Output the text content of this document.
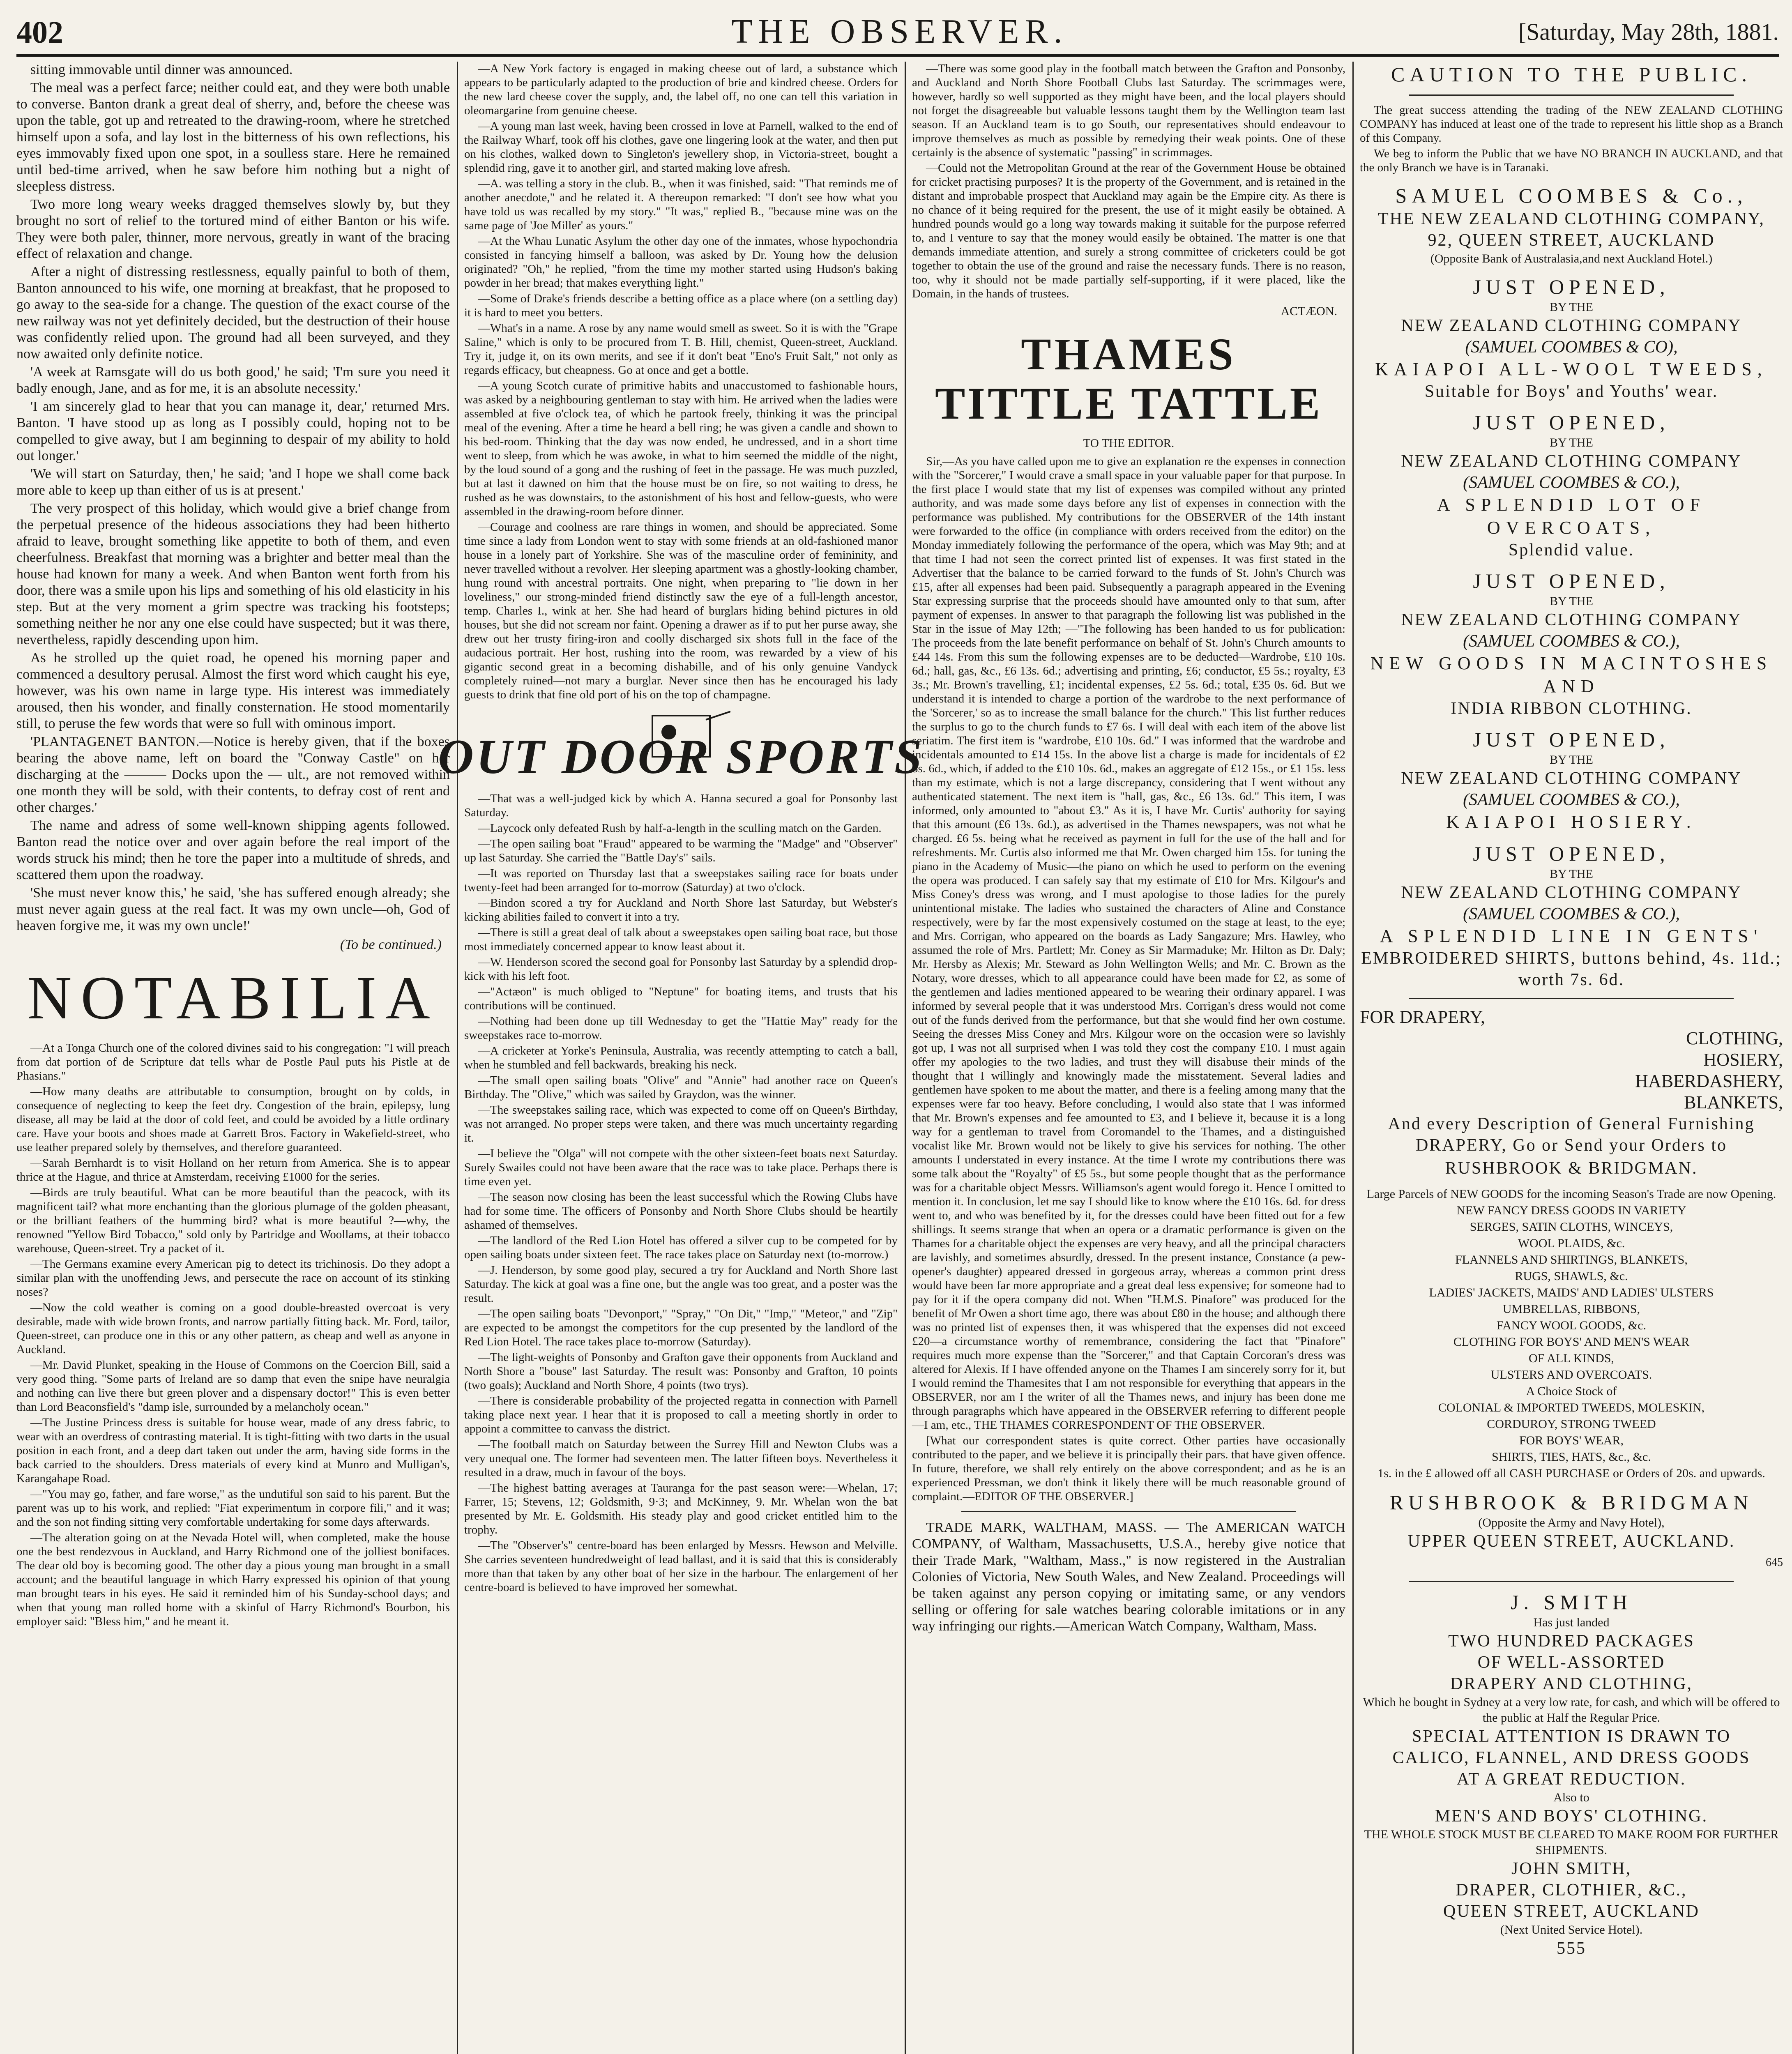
402	THE OBSERVER.	[Saturday, May 28th, 1881.

sitting immovable until dinner was announced.

The meal was a perfect farce; neither could eat, and they were both unable to converse. Banton drank a great deal of sherry, and, before the cheese was upon the table, got up and retreated to the drawing-room, where he stretched himself upon a sofa, and lay lost in the bitterness of his own reflections, his eyes immovably fixed upon one spot, in a soulless stare. Here he remained until bed-time arrived, when he saw before him nothing but a night of sleepless distress.

Two more long weary weeks dragged themselves slowly by, but they brought no sort of relief to the tortured mind of either Banton or his wife. They were both paler, thinner, more nervous, greatly in want of the bracing effect of relaxation and change.

After a night of distressing restlessness, equally painful to both of them, Banton announced to his wife, one morning at breakfast, that he proposed to go away to the sea-side for a change. The question of the exact course of the new railway was not yet definitely decided, but the destruction of their house was confidently relied upon. The ground had all been surveyed, and they now awaited only definite notice.

'A week at Ramsgate will do us both good,' he said; 'I'm sure you need it badly enough, Jane, and as for me, it is an absolute necessity.'

'I am sincerely glad to hear that you can manage it, dear,' returned Mrs. Banton. 'I have stood up as long as I possibly could, hoping not to be compelled to give away, but I am beginning to despair of my ability to hold out longer.'

'We will start on Saturday, then,' he said; 'and I hope we shall come back more able to keep up than either of us is at present.'

The very prospect of this holiday, which would give a brief change from the perpetual presence of the hideous associations they had been hitherto afraid to leave, brought something like appetite to both of them, and even cheerfulness. Breakfast that morning was a brighter and better meal than the house had known for many a week. And when Banton went forth from his door, there was a smile upon his lips and something of his old elasticity in his step. But at the very moment a grim spectre was tracking his footsteps; something neither he nor any one else could have suspected; but it was there, nevertheless, rapidly descending upon him.

As he strolled up the quiet road, he opened his morning paper and commenced a desultory perusal. Almost the first word which caught his eye, however, was his own name in large type. His interest was immediately aroused, then his wonder, and finally consternation. He stood momentarily still, to peruse the few words that were so full with ominous import.

'PLANTAGENET BANTON.—Notice is hereby given, that if the boxes bearing the above name, left on board the "Conway Castle" on her discharging at the ——— Docks upon the — ult., are not removed within one month they will be sold, with their contents, to defray cost of rent and other charges.'

The name and adress of some well-known shipping agents followed. Banton read the notice over and over again before the real import of the words struck his mind; then he tore the paper into a multitude of shreds, and scattered them upon the roadway.

'She must never know this,' he said, 'she has suffered enough already; she must never again guess at the real fact. It was my own uncle—oh, God of heaven forgive me, it was my own uncle!'

(To be continued.)

NOTABILIA

—At a Tonga Church one of the colored divines said to his congregation: "I will preach from dat portion of de Scripture dat tells whar de Postle Paul puts his Pistle at de Phasians."

—How many deaths are attributable to consumption, brought on by colds, in consequence of neglecting to keep the feet dry. Congestion of the brain, epilepsy, lung disease, all may be laid at the door of cold feet, and could be avoided by a little ordinary care. Have your boots and shoes made at Garrett Bros. Factory in Wakefield-street, who use leather prepared solely by themselves, and therefore guaranteed.

—Sarah Bernhardt is to visit Holland on her return from America. She is to appear thrice at the Hague, and thrice at Amsterdam, receiving £1000 for the series.

—Birds are truly beautiful. What can be more beautiful than the peacock, with its magnificent tail? what more enchanting than the glorious plumage of the golden pheasant, or the brilliant feathers of the humming bird? what is more beautiful ?—why, the renowned "Yellow Bird Tobacco," sold only by Partridge and Woollams, at their tobacco warehouse, Queen-street. Try a packet of it.

—The Germans examine every American pig to detect its trichinosis. Do they adopt a similar plan with the unoffending Jews, and persecute the race on account of its stinking noses?

—Now the cold weather is coming on a good double-breasted overcoat is very desirable, made with wide brown fronts, and narrow partially fitting back. Mr. Ford, tailor, Queen-street, can produce one in this or any other pattern, as cheap and well as anyone in Auckland.

—Mr. David Plunket, speaking in the House of Commons on the Coercion Bill, said a very good thing. "Some parts of Ireland are so damp that even the snipe have neuralgia and nothing can live there but green plover and a dispensary doctor!" This is even better than Lord Beaconsfield's "damp isle, surrounded by a melancholy ocean."

—The Justine Princess dress is suitable for house wear, made of any dress fabric, to wear with an overdress of contrasting material. It is tight-fitting with two darts in the usual position in each front, and a deep dart taken out under the arm, having side forms in the back carried to the shoulders. Dress materials of every kind at Munro and Mulligan's, Karangahape Road.

—"You may go, father, and fare worse," as the undutiful son said to his parent. But the parent was up to his work, and replied: "Fiat experimentum in corpore fili," and it was; and the son not finding sitting very comfortable undertaking for some days afterwards.

—The alteration going on at the Nevada Hotel will, when completed, make the house one the best rendezvous in Auckland, and Harry Richmond one of the jolliest bonifaces. The dear old boy is becoming good. The other day a pious young man brought in a small account; and the beautiful language in which Harry expressed his opinion of that young man brought tears in his eyes. He said it reminded him of his Sunday-school days; and when that young man rolled home with a skinful of Harry Richmond's Bourbon, his employer said: "Bless him," and he meant it.

—A New York factory is engaged in making cheese out of lard, a substance which appears to be particularly adapted to the production of brie and kindred cheese. Orders for the new lard cheese cover the supply, and, the label off, no one can tell this variation in oleomargarine from genuine cheese.

—A young man last week, having been crossed in love at Parnell, walked to the end of the Railway Wharf, took off his clothes, gave one lingering look at the water, and then put on his clothes, walked down to Singleton's jewellery shop, in Victoria-street, bought a splendid ring, gave it to another girl, and started making love afresh.

—A. was telling a story in the club. B., when it was finished, said: "That reminds me of another anecdote," and he related it. A thereupon remarked: "I don't see how what you have told us was recalled by my story." "It was," replied B., "because mine was on the same page of 'Joe Miller' as yours."

—At the Whau Lunatic Asylum the other day one of the inmates, whose hypochondria consisted in fancying himself a balloon, was asked by Dr. Young how the delusion originated? "Oh," he replied, "from the time my mother started using Hudson's baking powder in her bread; that makes everything light."

—Some of Drake's friends describe a betting office as a place where (on a settling day) it is hard to meet you betters.

—What's in a name. A rose by any name would smell as sweet. So it is with the "Grape Saline," which is only to be procured from T. B. Hill, chemist, Queen-street, Auckland. Try it, judge it, on its own merits, and see if it don't beat "Eno's Fruit Salt," not only as regards efficacy, but cheapness. Go at once and get a bottle.

—A young Scotch curate of primitive habits and unaccustomed to fashionable hours, was asked by a neighbouring gentleman to stay with him. He arrived when the ladies were assembled at five o'clock tea, of which he partook freely, thinking it was the principal meal of the evening. After a time he heard a bell ring; he was given a candle and shown to his bed-room. Thinking that the day was now ended, he undressed, and in a short time went to sleep, from which he was awoke, in what to him seemed the middle of the night, by the loud sound of a gong and the rushing of feet in the passage. He was much puzzled, but at last it dawned on him that the house must be on fire, so not waiting to dress, he rushed as he was downstairs, to the astonishment of his host and fellow-guests, who were assembled in the drawing-room before dinner.

—Courage and coolness are rare things in women, and should be appreciated. Some time since a lady from London went to stay with some friends at an old-fashioned manor house in a lonely part of Yorkshire. She was of the masculine order of femininity, and never travelled without a revolver. Her sleeping apartment was a ghostly-looking chamber, hung round with ancestral portraits. One night, when preparing to "lie down in her loveliness," our strong-minded friend distinctly saw the eye of a full-length ancestor, temp. Charles I., wink at her. She had heard of burglars hiding behind pictures in old houses, but she did not scream nor faint. Opening a drawer as if to put her purse away, she drew out her trusty firing-iron and coolly discharged six shots full in the face of the audacious portrait. Her host, rushing into the room, was rewarded by a view of his gigantic second great in a becoming dishabille, and of his only genuine Vandyck completely ruined—not mary a burglar. Never since then has he encouraged his lady guests to drink that fine old port of his on the top of champagne.

OUT DOOR SPORTS

—That was a well-judged kick by which A. Hanna secured a goal for Ponsonby last Saturday.

—Laycock only defeated Rush by half-a-length in the sculling match on the Garden.

—The open sailing boat "Fraud" appeared to be warming the "Madge" and "Observer" up last Saturday. She carried the "Battle Day's" sails.

—It was reported on Thursday last that a sweepstakes sailing race for boats under twenty-feet had been arranged for to-morrow (Saturday) at two o'clock.

—Bindon scored a try for Auckland and North Shore last Saturday, but Webster's kicking abilities failed to convert it into a try.

—There is still a great deal of talk about a sweepstakes open sailing boat race, but those most immediately concerned appear to know least about it.

—W. Henderson scored the second goal for Ponsonby last Saturday by a splendid drop-kick with his left foot.

—"Actæon" is much obliged to "Neptune" for boating items, and trusts that his contributions will be continued.

—Nothing had been done up till Wednesday to get the "Hattie May" ready for the sweepstakes race to-morrow.

—A cricketer at Yorke's Peninsula, Australia, was recently attempting to catch a ball, when he stumbled and fell backwards, breaking his neck.

—The small open sailing boats "Olive" and "Annie" had another race on Queen's Birthday. The "Olive," which was sailed by Graydon, was the winner.

—The sweepstakes sailing race, which was expected to come off on Queen's Birthday, was not arranged. No proper steps were taken, and there was much uncertainty regarding it.

—I believe the "Olga" will not compete with the other sixteen-feet boats next Saturday. Surely Swailes could not have been aware that the race was to take place. Perhaps there is time even yet.

—The season now closing has been the least successful which the Rowing Clubs have had for some time. The officers of Ponsonby and North Shore Clubs should be heartily ashamed of themselves.

—The landlord of the Red Lion Hotel has offered a silver cup to be competed for by open sailing boats under sixteen feet. The race takes place on Saturday next (to-morrow.)

—J. Henderson, by some good play, secured a try for Auckland and North Shore last Saturday. The kick at goal was a fine one, but the angle was too great, and a poster was the result.

—The open sailing boats "Devonport," "Spray," "On Dit," "Imp," "Meteor," and "Zip" are expected to be amongst the competitors for the cup presented by the landlord of the Red Lion Hotel. The race takes place to-morrow (Saturday).

—The light-weights of Ponsonby and Grafton gave their opponents from Auckland and North Shore a "bouse" last Saturday. The result was: Ponsonby and Grafton, 10 points (two goals); Auckland and North Shore, 4 points (two trys).

—There is considerable probability of the projected regatta in connection with Parnell taking place next year. I hear that it is proposed to call a meeting shortly in order to appoint a committee to canvass the district.

—The football match on Saturday between the Surrey Hill and Newton Clubs was a very unequal one. The former had seventeen men. The latter fifteen boys. Nevertheless it resulted in a draw, much in favour of the boys.

—The highest batting averages at Tauranga for the past season were:—Whelan, 17; Farrer, 15; Stevens, 12; Goldsmith, 9·3; and McKinney, 9. Mr. Whelan won the bat presented by Mr. E. Goldsmith. His steady play and good cricket entitled him to the trophy.

—The "Observer's" centre-board has been enlarged by Messrs. Hewson and Melville. She carries seventeen hundredweight of lead ballast, and it is said that this is considerably more than that taken by any other boat of her size in the harbour. The enlargement of her centre-board is believed to have improved her somewhat.

—There was some good play in the football match between the Grafton and Ponsonby, and Auckland and North Shore Football Clubs last Saturday. The scrimmages were, however, hardly so well supported as they might have been, and the local players should not forget the disagreeable but valuable lessons taught them by the Wellington team last season. If an Auckland team is to go South, our representatives should endeavour to improve themselves as much as possible by remedying their weak points. One of these certainly is the absence of systematic "passing" in scrimmages.

—Could not the Metropolitan Ground at the rear of the Government House be obtained for cricket practising purposes? It is the property of the Government, and is retained in the distant and improbable prospect that Auckland may again be the Empire city. As there is no chance of it being required for the present, the use of it might easily be obtained. A hundred pounds would go a long way towards making it suitable for the purpose referred to, and I venture to say that the money would easily be obtained. The matter is one that demands immediate attention, and surely a strong committee of cricketers could be got together to obtain the use of the ground and raise the necessary funds. There is no reason, too, why it should not be made partially self-supporting, if it were placed, like the Domain, in the hands of trustees.

ACTÆON.

THAMES
TITTLE TATTLE

TO THE EDITOR.

Sir,—As you have called upon me to give an explanation re the expenses in connection with the "Sorcerer," I would crave a small space in your valuable paper for that purpose. In the first place I would state that my list of expenses was compiled without any printed authority, and was made some days before any list of expenses in connection with the performance was published. My contributions for the OBSERVER of the 14th instant were forwarded to the office (in compliance with orders received from the editor) on the Monday immediately following the performance of the opera, which was May 9th; and at that time I had not seen the correct printed list of expenses. It was first stated in the Advertiser that the balance to be carried forward to the funds of St. John's Church was £15, after all expenses had been paid. Subsequently a paragraph appeared in the Evening Star expressing surprise that the proceeds should have amounted only to that sum, after payment of expenses. In answer to that paragraph the following list was published in the Star in the issue of May 12th; —"The following has been handed to us for publication: The proceeds from the late benefit performance on behalf of St. John's Church amounts to £44 14s. From this sum the following expenses are to be deducted—Wardrobe, £10 10s. 6d.; hall, gas, &c., £6 13s. 6d.; advertising and printing, £6; conductor, £5 5s.; royalty, £3 3s.; Mr. Brown's travelling, £1; incidental expenses, £2 5s. 6d.; total, £35 0s. 6d. But we understand it is intended to charge a portion of the wardrobe to the next performance of the 'Sorcerer,' so as to increase the small balance for the church." This list further reduces the surplus to go to the church funds to £7 6s. I will deal with each item of the above list seriatim. The first item is "wardrobe, £10 10s. 6d." I was informed that the wardrobe and incidentals amounted to £14 15s. In the above list a charge is made for incidentals of £2 5s. 6d., which, if added to the £10 10s. 6d., makes an aggregate of £12 15s., or £1 15s. less than my estimate, which is not a large discrepancy, considering that I went without any authenticated statement. The next item is "hall, gas, &c., £6 13s. 6d." This item, I was informed, only amounted to "about £3." As it is, I have Mr. Curtis' authority for saying that this amount (£6 13s. 6d.), as advertised in the Thames newspapers, was not what he charged. £6 5s. being what he received as payment in full for the use of the hall and for refreshments. Mr. Curtis also informed me that Mr. Owen charged him 15s. for tuning the piano in the Academy of Music—the piano on which he used to perform on the evening the opera was produced. I can safely say that my estimate of £10 for Mrs. Kilgour's and Miss Coney's dress was wrong, and I must apologise to those ladies for the purely unintentional mistake. The ladies who sustained the characters of Aline and Constance respectively, were by far the most expensively costumed on the stage at least, to the eye; and Mrs. Corrigan, who appeared on the boards as Lady Sangazure; Mrs. Hawley, who assumed the role of Mrs. Partlett; Mr. Coney as Sir Marmaduke; Mr. Hilton as Dr. Daly; Mr. Hersby as Alexis; Mr. Steward as John Wellington Wells; and Mr. C. Brown as the Notary, wore dresses, which to all appearance could have been made for £2, as some of the gentlemen and ladies mentioned appeared to be wearing their ordinary apparel. I was informed by several people that it was understood Mrs. Corrigan's dress would not come out of the funds derived from the performance, but that she would find her own costume. Seeing the dresses Miss Coney and Mrs. Kilgour wore on the occasion were so lavishly got up, I was not all surprised when I was told they cost the company £10. I must again offer my apologies to the two ladies, and trust they will disabuse their minds of the thought that I willingly and knowingly made the misstatement. Several ladies and gentlemen have spoken to me about the matter, and there is a feeling among many that the expenses were far too heavy. Before concluding, I would also state that I was informed that Mr. Brown's expenses and fee amounted to £3, and I believe it, because it is a long way for a gentleman to travel from Coromandel to the Thames, and a distinguished vocalist like Mr. Brown would not be likely to give his services for nothing. The other amounts I understated in every instance. At the time I wrote my contributions there was some talk about the "Royalty" of £5 5s., but some people thought that as the performance was for a charitable object Messrs. Williamson's agent would forego it. Hence I omitted to mention it. In conclusion, let me say I should like to know where the £10 16s. 6d. for dress went to, and who was benefited by it, for the dresses could have been fitted out for a few shillings. It seems strange that when an opera or a dramatic performance is given on the Thames for a charitable object the expenses are very heavy, and all the principal characters are lavishly, and sometimes absurdly, dressed. In the present instance, Constance (a pew-opener's daughter) appeared dressed in gorgeous array, whereas a common print dress would have been far more appropriate and a great deal less expensive; for someone had to pay for it if the opera company did not. When "H.M.S. Pinafore" was produced for the benefit of Mr Owen a short time ago, there was about £80 in the house; and although there was no printed list of expenses then, it was whispered that the expenses did not exceed £20—a circumstance worthy of remembrance, considering the fact that "Pinafore" requires much more expense than the "Sorcerer," and that Captain Corcoran's dress was altered for Alexis. If I have offended anyone on the Thames I am sincerely sorry for it, but I would remind the Thamesites that I am not responsible for everything that appears in the OBSERVER, nor am I the writer of all the Thames news, and injury has been done me through paragraphs which have appeared in the OBSERVER referring to different people—I am, etc., THE THAMES CORRESPONDENT OF THE OBSERVER.

[What our correspondent states is quite correct. Other parties have occasionally contributed to the paper, and we believe it is principally their pars. that have given offence. In future, therefore, we shall rely entirely on the above correspondent; and as he is an experienced Pressman, we don't think it likely there will be much reasonable ground of complaint.—EDITOR OF THE OBSERVER.]

TRADE MARK, WALTHAM, MASS. — The AMERICAN WATCH COMPANY, of Waltham, Massachusetts, U.S.A., hereby give notice that their Trade Mark, "Waltham, Mass.," is now registered in the Australian Colonies of Victoria, New South Wales, and New Zealand. Proceedings will be taken against any person copying or imitating same, or any vendors selling or offering for sale watches bearing colorable imitations or in any way infringing our rights.—American Watch Company, Waltham, Mass.

CAUTION TO THE PUBLIC.

The great success attending the trading of the NEW ZEALAND CLOTHING COMPANY has induced at least one of the trade to represent his little shop as a Branch of this Company.

We beg to inform the Public that we have NO BRANCH IN AUCKLAND, and that the only Branch we have is in Taranaki.

SAMUEL COOMBES & Co.,
THE NEW ZEALAND CLOTHING COMPANY,
92, QUEEN STREET, AUCKLAND
(Opposite Bank of Australasia,and next Auckland Hotel.)
JUST OPENED,
BY THE
NEW ZEALAND CLOTHING COMPANY
(SAMUEL COOMBES & CO),
KAIAPOI ALL-WOOL TWEEDS,
Suitable for Boys' and Youths' wear.
JUST OPENED,
BY THE
NEW ZEALAND CLOTHING COMPANY
(SAMUEL COOMBES & CO.),
A SPLENDID LOT OF OVERCOATS,
Splendid value.
JUST OPENED,
BY THE
NEW ZEALAND CLOTHING COMPANY
(SAMUEL COOMBES & CO.),
NEW GOODS IN MACINTOSHES AND
INDIA RIBBON CLOTHING.
JUST OPENED,
BY THE
NEW ZEALAND CLOTHING COMPANY
(SAMUEL COOMBES & CO.),
KAIAPOI HOSIERY.
JUST OPENED,
BY THE
NEW ZEALAND CLOTHING COMPANY
(SAMUEL COOMBES & CO.),
A SPLENDID LINE IN GENTS'
EMBROIDERED SHIRTS, buttons behind, 4s. 11d.; worth 7s. 6d.
FOR DRAPERY,
CLOTHING,
HOSIERY,
HABERDASHERY,
BLANKETS,

And every Description of General Furnishing DRAPERY, Go or Send your Orders to

RUSHBROOK & BRIDGMAN.
Large Parcels of NEW GOODS for the incoming Season's Trade are now Opening.
NEW FANCY DRESS GOODS IN VARIETY
SERGES, SATIN CLOTHS, WINCEYS,
WOOL PLAIDS, &c.
FLANNELS AND SHIRTINGS, BLANKETS,
RUGS, SHAWLS, &c.
LADIES' JACKETS, MAIDS' AND LADIES' ULSTERS
UMBRELLAS, RIBBONS,
FANCY WOOL GOODS, &c.
CLOTHING FOR BOYS' AND MEN'S WEAR
OF ALL KINDS,
ULSTERS AND OVERCOATS.
A Choice Stock of
COLONIAL & IMPORTED TWEEDS, MOLESKIN,
CORDUROY, STRONG TWEED
FOR BOYS' WEAR,
SHIRTS, TIES, HATS, &c., &c.
1s. in the £ allowed off all CASH PURCHASE or Orders of 20s. and upwards.
RUSHBROOK & BRIDGMAN
(Opposite the Army and Navy Hotel),
UPPER QUEEN STREET, AUCKLAND.
645
J. SMITH
Has just landed
TWO HUNDRED PACKAGES
OF WELL-ASSORTED
DRAPERY AND CLOTHING,
Which he bought in Sydney at a very low rate, for cash, and which will be offered to the public at Half the Regular Price.
SPECIAL ATTENTION IS DRAWN TO
CALICO, FLANNEL, AND DRESS GOODS
AT A GREAT REDUCTION.
Also to
MEN'S AND BOYS' CLOTHING.
THE WHOLE STOCK MUST BE CLEARED TO MAKE ROOM FOR FURTHER SHIPMENTS.
JOHN SMITH,
DRAPER, CLOTHIER, &C.,
QUEEN STREET, AUCKLAND
(Next United Service Hotel).
555
